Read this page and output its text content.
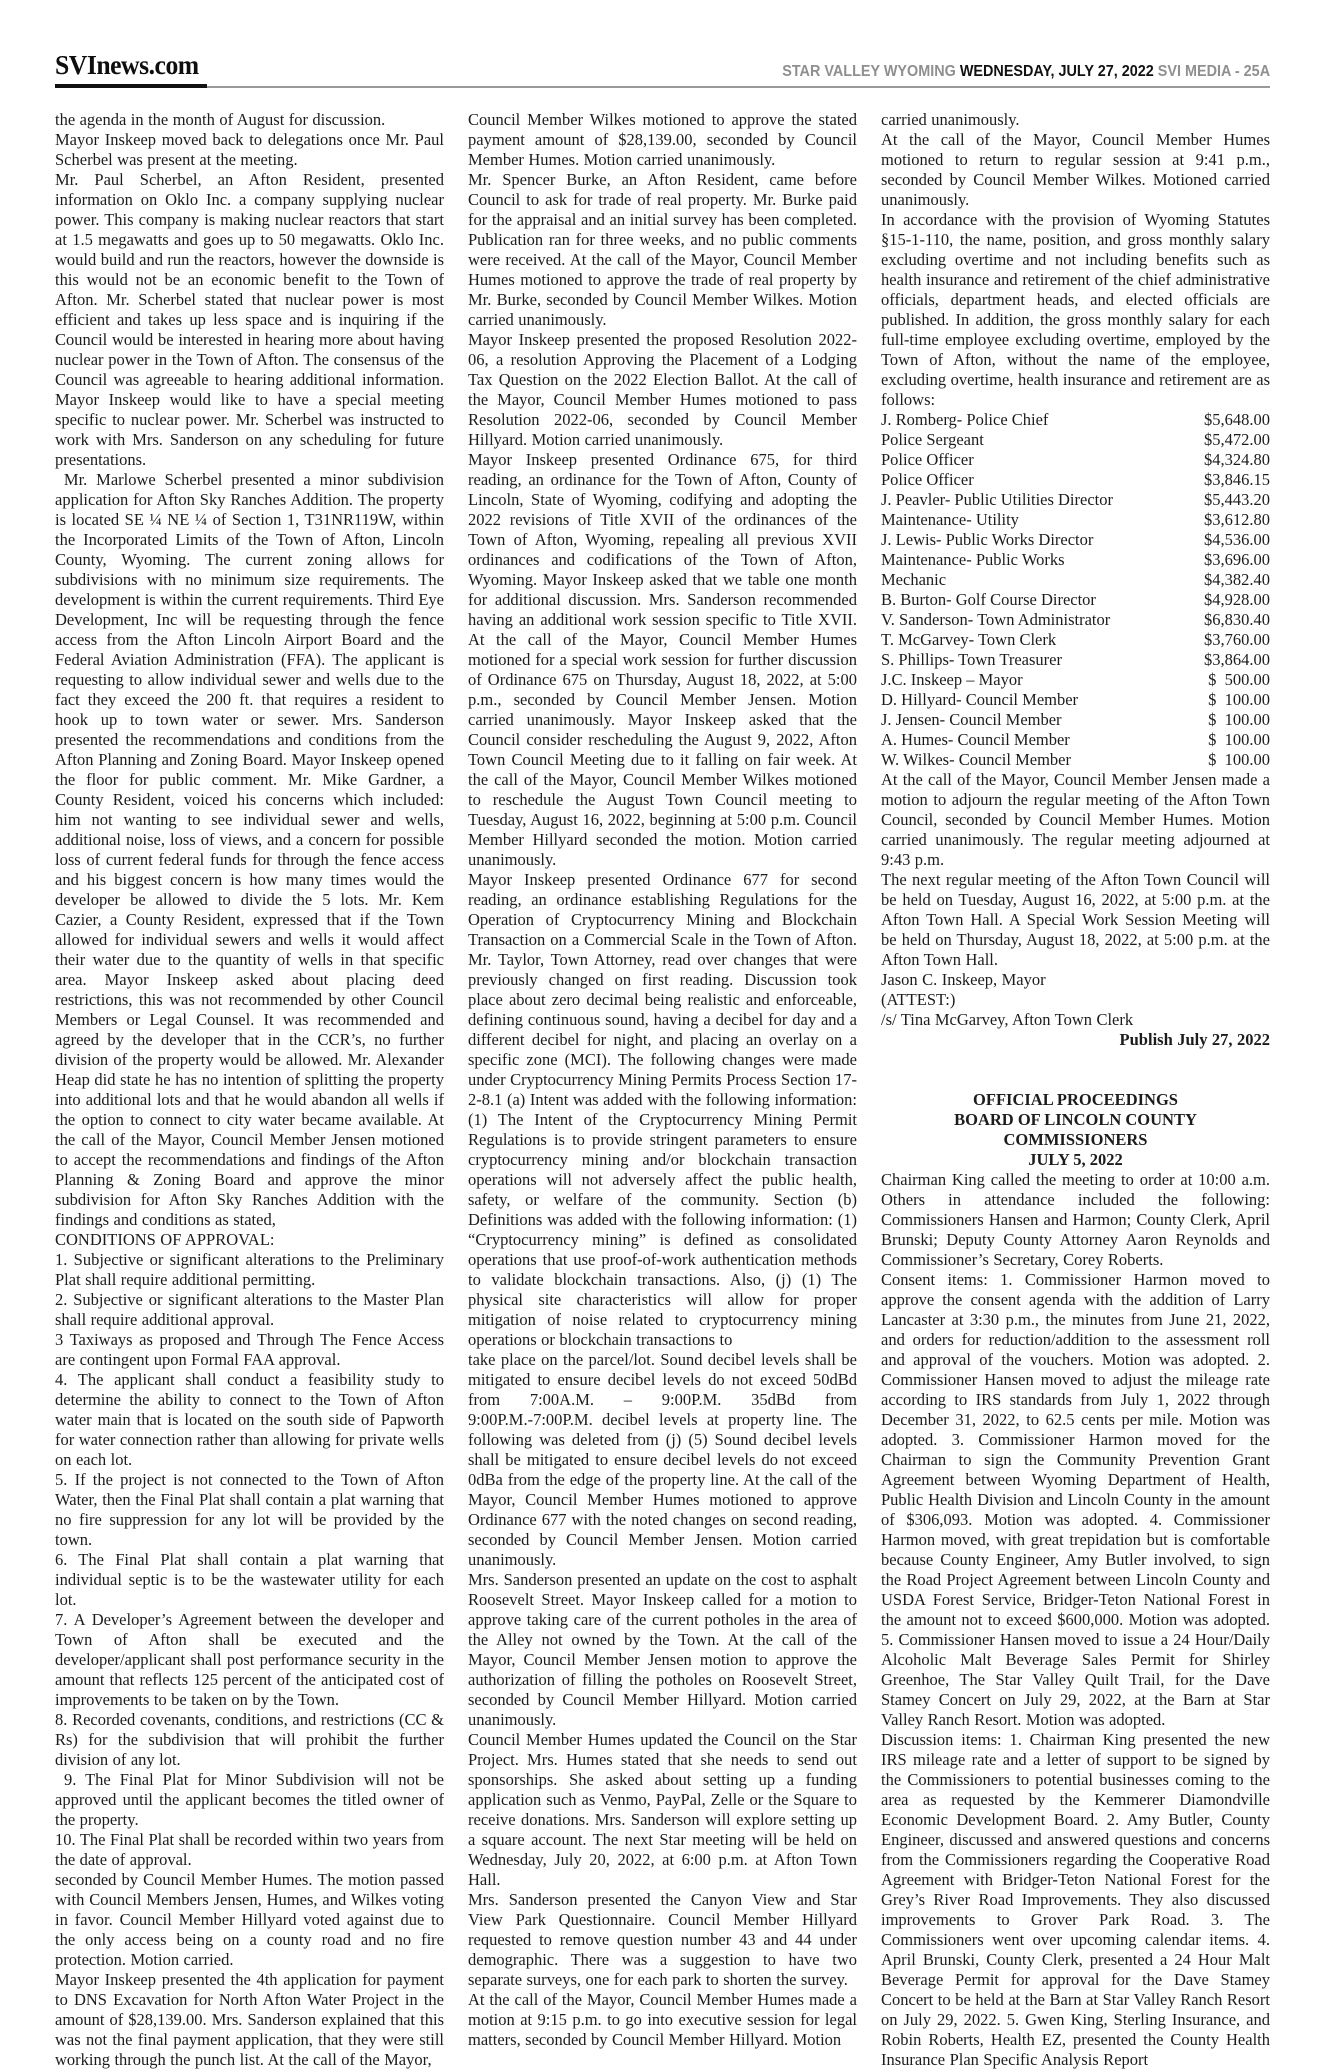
SVInews.com	STAR VALLEY WYOMING WEDNESDAY, JULY 27, 2022 SVI MEDIA - 25A

the agenda in the month of August for discussion.

Mayor Inskeep moved back to delegations once Mr. Paul Scherbel was present at the meeting.

Mr. Paul Scherbel, an Afton Resident, presented information on Oklo Inc. a company supplying nuclear power. This company is making nuclear reactors that start at 1.5 megawatts and goes up to 50 megawatts. Oklo Inc. would build and run the reactors, however the downside is this would not be an economic benefit to the Town of Afton. Mr. Scherbel stated that nuclear power is most efficient and takes up less space and is inquiring if the Council would be interested in hearing more about having nuclear power in the Town of Afton. The consensus of the Council was agreeable to hearing additional information. Mayor Inskeep would like to have a special meeting specific to nuclear power. Mr. Scherbel was instructed to work with Mrs. Sanderson on any scheduling for future presentations.

Mr. Marlowe Scherbel presented a minor subdivision application for Afton Sky Ranches Addition. The property is located SE ¼ NE ¼ of Section 1, T31NR119W, within the Incorporated Limits of the Town of Afton, Lincoln County, Wyoming. The current zoning allows for subdivisions with no minimum size requirements. The development is within the current requirements. Third Eye Development, Inc will be requesting through the fence access from the Afton Lincoln Airport Board and the Federal Aviation Administration (FFA). The applicant is requesting to allow individual sewer and wells due to the fact they exceed the 200 ft. that requires a resident to hook up to town water or sewer. Mrs. Sanderson presented the recommendations and conditions from the Afton Planning and Zoning Board. Mayor Inskeep opened the floor for public comment. Mr. Mike Gardner, a County Resident, voiced his concerns which included: him not wanting to see individual sewer and wells, additional noise, loss of views, and a concern for possible loss of current federal funds for through the fence access and his biggest concern is how many times would the developer be allowed to divide the 5 lots. Mr. Kem Cazier, a County Resident, expressed that if the Town allowed for individual sewers and wells it would affect their water due to the quantity of wells in that specific area. Mayor Inskeep asked about placing deed restrictions, this was not recommended by other Council Members or Legal Counsel. It was recommended and agreed by the developer that in the CCR’s, no further division of the property would be allowed. Mr. Alexander Heap did state he has no intention of splitting the property into additional lots and that he would abandon all wells if the option to connect to city water became available. At the call of the Mayor, Council Member Jensen motioned to accept the recommendations and findings of the Afton Planning & Zoning Board and approve the minor subdivision for Afton Sky Ranches Addition with the findings and conditions as stated,

CONDITIONS OF APPROVAL:

1. Subjective or significant alterations to the Preliminary Plat shall require additional permitting.

2. Subjective or significant alterations to the Master Plan shall require additional approval.

3 Taxiways as proposed and Through The Fence Access are contingent upon Formal FAA approval.

4. The applicant shall conduct a feasibility study to determine the ability to connect to the Town of Afton water main that is located on the south side of Papworth for water connection rather than allowing for private wells on each lot.

5. If the project is not connected to the Town of Afton Water, then the Final Plat shall contain a plat warning that no fire suppression for any lot will be provided by the town.

6. The Final Plat shall contain a plat warning that individual septic is to be the wastewater utility for each lot.

7. A Developer’s Agreement between the developer and Town of Afton shall be executed and the developer/applicant shall post performance security in the amount that reflects 125 percent of the anticipated cost of improvements to be taken on by the Town.

8. Recorded covenants, conditions, and restrictions (CC & Rs) for the subdivision that will prohibit the further division of any lot.

9. The Final Plat for Minor Subdivision will not be approved until the applicant becomes the titled owner of the property.

10. The Final Plat shall be recorded within two years from the date of approval.

seconded by Council Member Humes. The motion passed with Council Members Jensen, Humes, and Wilkes voting in favor. Council Member Hillyard voted against due to the only access being on a county road and no fire protection. Motion carried.

Mayor Inskeep presented the 4th application for payment to DNS Excavation for North Afton Water Project in the amount of $28,139.00. Mrs. Sanderson explained that this was not the final payment application, that they were still working through the punch list. At the call of the Mayor,

Council Member Wilkes motioned to approve the stated payment amount of $28,139.00, seconded by Council Member Humes. Motion carried unanimously.

Mr. Spencer Burke, an Afton Resident, came before Council to ask for trade of real property. Mr. Burke paid for the appraisal and an initial survey has been completed. Publication ran for three weeks, and no public comments were received. At the call of the Mayor, Council Member Humes motioned to approve the trade of real property by Mr. Burke, seconded by Council Member Wilkes. Motion carried unanimously.

Mayor Inskeep presented the proposed Resolution 2022-06, a resolution Approving the Placement of a Lodging Tax Question on the 2022 Election Ballot. At the call of the Mayor, Council Member Humes motioned to pass Resolution 2022-06, seconded by Council Member Hillyard. Motion carried unanimously.

Mayor Inskeep presented Ordinance 675, for third reading, an ordinance for the Town of Afton, County of Lincoln, State of Wyoming, codifying and adopting the 2022 revisions of Title XVII of the ordinances of the Town of Afton, Wyoming, repealing all previous XVII ordinances and codifications of the Town of Afton, Wyoming. Mayor Inskeep asked that we table one month for additional discussion. Mrs. Sanderson recommended having an additional work session specific to Title XVII. At the call of the Mayor, Council Member Humes motioned for a special work session for further discussion of Ordinance 675 on Thursday, August 18, 2022, at 5:00 p.m., seconded by Council Member Jensen. Motion carried unanimously. Mayor Inskeep asked that the Council consider rescheduling the August 9, 2022, Afton Town Council Meeting due to it falling on fair week. At the call of the Mayor, Council Member Wilkes motioned to reschedule the August Town Council meeting to Tuesday, August 16, 2022, beginning at 5:00 p.m. Council Member Hillyard seconded the motion. Motion carried unanimously.

Mayor Inskeep presented Ordinance 677 for second reading, an ordinance establishing Regulations for the Operation of Cryptocurrency Mining and Blockchain Transaction on a Commercial Scale in the Town of Afton. Mr. Taylor, Town Attorney, read over changes that were previously changed on first reading. Discussion took place about zero decimal being realistic and enforceable, defining continuous sound, having a decibel for day and a different decibel for night, and placing an overlay on a specific zone (MCI). The following changes were made under Cryptocurrency Mining Permits Process Section 17-2-8.1 (a) Intent was added with the following information: (1) The Intent of the Cryptocurrency Mining Permit Regulations is to provide stringent parameters to ensure cryptocurrency mining and/or blockchain transaction operations will not adversely affect the public health, safety, or welfare of the community. Section (b) Definitions was added with the following information: (1) “Cryptocurrency mining” is defined as consolidated operations that use proof-of-work authentication methods to validate blockchain transactions. Also, (j) (1) The physical site characteristics will allow for proper mitigation of noise related to cryptocurrency mining operations or blockchain transactions to

take place on the parcel/lot. Sound decibel levels shall be mitigated to ensure decibel levels do not exceed 50dBd from 7:00A.M. – 9:00P.M. 35dBd from 9:00P.M.-7:00P.M. decibel levels at property line. The following was deleted from (j) (5) Sound decibel levels shall be mitigated to ensure decibel levels do not exceed 0dBa from the edge of the property line. At the call of the Mayor, Council Member Humes motioned to approve Ordinance 677 with the noted changes on second reading, seconded by Council Member Jensen. Motion carried unanimously.

Mrs. Sanderson presented an update on the cost to asphalt Roosevelt Street. Mayor Inskeep called for a motion to approve taking care of the current potholes in the area of the Alley not owned by the Town. At the call of the Mayor, Council Member Jensen motion to approve the authorization of filling the potholes on Roosevelt Street, seconded by Council Member Hillyard. Motion carried unanimously.

Council Member Humes updated the Council on the Star Project. Mrs. Humes stated that she needs to send out sponsorships. She asked about setting up a funding application such as Venmo, PayPal, Zelle or the Square to receive donations. Mrs. Sanderson will explore setting up a square account. The next Star meeting will be held on Wednesday, July 20, 2022, at 6:00 p.m. at Afton Town Hall.

Mrs. Sanderson presented the Canyon View and Star View Park Questionnaire. Council Member Hillyard requested to remove question number 43 and 44 under demographic. There was a suggestion to have two separate surveys, one for each park to shorten the survey.

At the call of the Mayor, Council Member Humes made a motion at 9:15 p.m. to go into executive session for legal matters, seconded by Council Member Hillyard. Motion

carried unanimously.

At the call of the Mayor, Council Member Humes motioned to return to regular session at 9:41 p.m., seconded by Council Member Wilkes. Motioned carried unanimously.

In accordance with the provision of Wyoming Statutes §15-1-110, the name, position, and gross monthly salary excluding overtime and not including benefits such as health insurance and retirement of the chief administrative officials, department heads, and elected officials are published. In addition, the gross monthly salary for each full-time employee excluding overtime, employed by the Town of Afton, without the name of the employee, excluding overtime, health insurance and retirement are as follows:

J. Romberg- Police Chief	$5,648.00
Police Sergeant	$5,472.00
Police Officer	$4,324.80
Police Officer	$3,846.15
J. Peavler- Public Utilities Director	$5,443.20
Maintenance- Utility	$3,612.80
J. Lewis- Public Works Director	$4,536.00
Maintenance- Public Works	$3,696.00
Mechanic	$4,382.40
B. Burton- Golf Course Director	$4,928.00
V. Sanderson- Town Administrator	$6,830.40
T. McGarvey- Town Clerk	$3,760.00
S. Phillips- Town Treasurer	$3,864.00
J.C. Inskeep – Mayor	$  500.00
D. Hillyard- Council Member	$  100.00
J. Jensen- Council Member	$  100.00
A. Humes- Council Member	$  100.00
W. Wilkes- Council Member	$  100.00

At the call of the Mayor, Council Member Jensen made a motion to adjourn the regular meeting of the Afton Town Council, seconded by Council Member Humes. Motion carried unanimously. The regular meeting adjourned at 9:43 p.m.

The next regular meeting of the Afton Town Council will be held on Tuesday, August 16, 2022, at 5:00 p.m. at the Afton Town Hall. A Special Work Session Meeting will be held on Thursday, August 18, 2022, at 5:00 p.m. at the Afton Town Hall.

Jason C. Inskeep, Mayor

(ATTEST:)

/s/ Tina McGarvey, Afton Town Clerk

Publish July 27, 2022

OFFICIAL PROCEEDINGS
BOARD OF LINCOLN COUNTY COMMISSIONERS
JULY 5, 2022

Chairman King called the meeting to order at 10:00 a.m. Others in attendance included the following: Commissioners Hansen and Harmon; County Clerk, April Brunski; Deputy County Attorney Aaron Reynolds and Commissioner’s Secretary, Corey Roberts.

Consent items: 1. Commissioner Harmon moved to approve the consent agenda with the addition of Larry Lancaster at 3:30 p.m., the minutes from June 21, 2022, and orders for reduction/addition to the assessment roll and approval of the vouchers. Motion was adopted. 2. Commissioner Hansen moved to adjust the mileage rate according to IRS standards from July 1, 2022 through December 31, 2022, to 62.5 cents per mile. Motion was adopted. 3. Commissioner Harmon moved for the Chairman to sign the Community Prevention Grant Agreement between Wyoming Department of Health, Public Health Division and Lincoln County in the amount of $306,093. Motion was adopted. 4. Commissioner Harmon moved, with great trepidation but is comfortable because County Engineer, Amy Butler involved, to sign the Road Project Agreement between Lincoln County and USDA Forest Service, Bridger-Teton National Forest in the amount not to exceed $600,000. Motion was adopted. 5. Commissioner Hansen moved to issue a 24 Hour/Daily Alcoholic Malt Beverage Sales Permit for Shirley Greenhoe, The Star Valley Quilt Trail, for the Dave Stamey Concert on July 29, 2022, at the Barn at Star Valley Ranch Resort. Motion was adopted.

Discussion items: 1. Chairman King presented the new IRS mileage rate and a letter of support to be signed by the Commissioners to potential businesses coming to the area as requested by the Kemmerer Diamondville Economic Development Board. 2. Amy Butler, County Engineer, discussed and answered questions and concerns from the Commissioners regarding the Cooperative Road Agreement with Bridger-Teton National Forest for the Grey’s River Road Improvements. They also discussed improvements to Grover Park Road. 3. The Commissioners went over upcoming calendar items. 4. April Brunski, County Clerk, presented a 24 Hour Malt Beverage Permit for approval for the Dave Stamey Concert to be held at the Barn at Star Valley Ranch Resort on July 29, 2022. 5. Gwen King, Sterling Insurance, and Robin Roberts, Health EZ, presented the County Health Insurance Plan Specific Analysis Report
